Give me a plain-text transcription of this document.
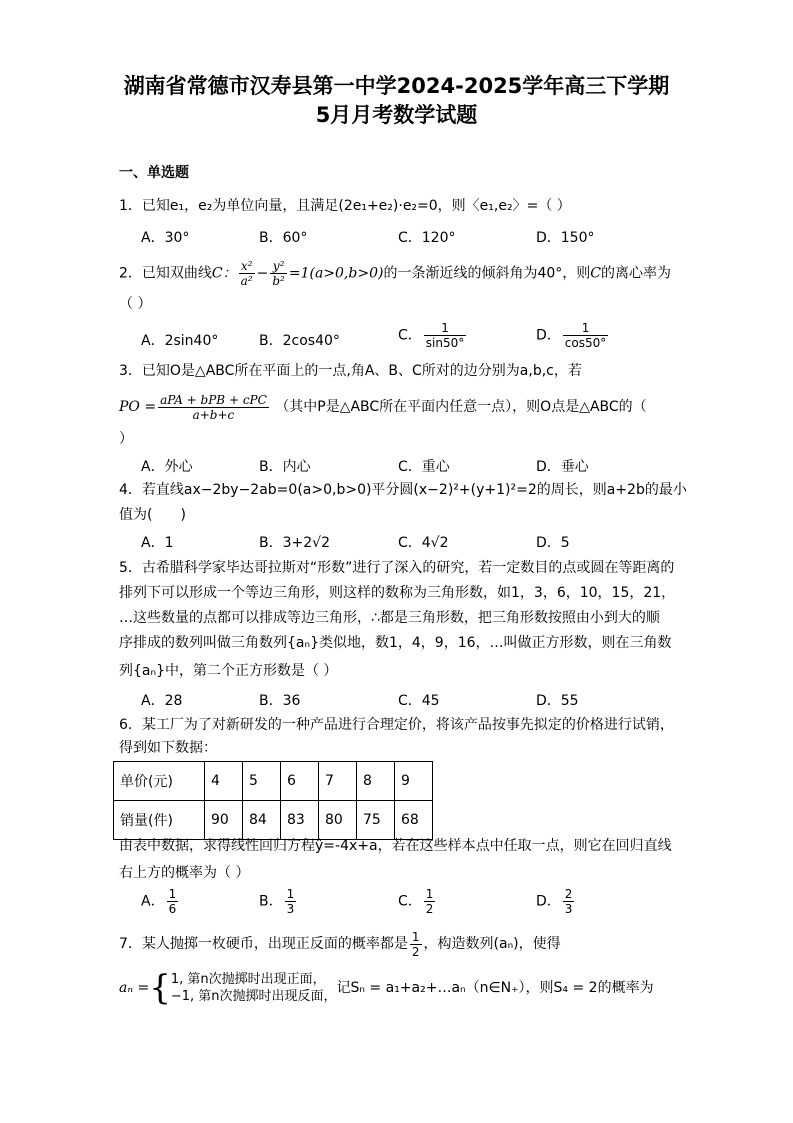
湖南省常德市汉寿县第一中学2024-2025学年高三下学期
5月月考数学试题
一、单选题
1．已知e₁，e₂为单位向量，且满足(2e₁+e₂)·e₂=0，则〈e₁,e₂〉=（ ）
A．30°	B．60°	C．120°	D．150°
2．已知双曲线C： $\frac{\text{x²}}{\text{a²}} - \frac{\text{y²}}{\text{b²}} =1(a>0,b>0)$的一条渐近线的倾斜角为40°，则C的离心率为
（ ）
A．2sin40°	B．2cos40°	C． $\frac{1}{\sin 50^\circ}$	D． $\frac{1}{\cos 50^\circ}$
3．已知O是△ABC所在平面上的一点,角A、B、C所对的边分别为a,b,c，若
PO = $\frac{\text{aPA + bPB + cPC}}{a+b+c}$ （其中P是△ABC所在平面内任意一点），则O点是△ABC的（
）
A．外心	B．内心	C．重心	D．垂心
4．若直线ax−2by−2ab=0(a>0,b>0)平分圆(x−2)²+(y+1)²=2的周长，则a+2b的最小
值为(　　)
A．1	B．3+2√2	C．4√2	D．5
5．古希腊科学家毕达哥拉斯对“形数”进行了深入的研究，若一定数目的点或圆在等距离的
排列下可以形成一个等边三角形，则这样的数称为三角形数，如1，3，6，10，15，21，
…这些数量的点都可以排成等边三角形，∴都是三角形数，把三角形数按照由小到大的顺
序排成的数列叫做三角数列{aₙ}类似地，数1，4，9，16，…叫做正方形数，则在三角数
列{aₙ}中，第二个正方形数是（ ）
A．28	B．36	C．45	D．55
6．某工厂为了对新研发的一种产品进行合理定价，将该产品按事先拟定的价格进行试销，
得到如下数据：
单价(元)	4	5	6	7	8	9
销量(件)	90	84	83	80	75	68
由表中数据，求得线性回归方程ŷ=-4x+a，若在这些样本点中任取一点，则它在回归直线
右上方的概率为（ ）
A． $\frac{1}{6}$	B． $\frac{1}{3}$	C． $\frac{1}{2}$	D． $\frac{2}{3}$
7．某人抛掷一枚硬币，出现正反面的概率都是 $\frac{1}{2}$ ，构造数列(aₙ)，使得
aₙ ={ 1, 第n次抛掷时出现正面，
−1, 第n次抛掷时出现反面，
记Sₙ = a₁+a₂+…aₙ（n∈N₊），则S₄ = 2的概率为
